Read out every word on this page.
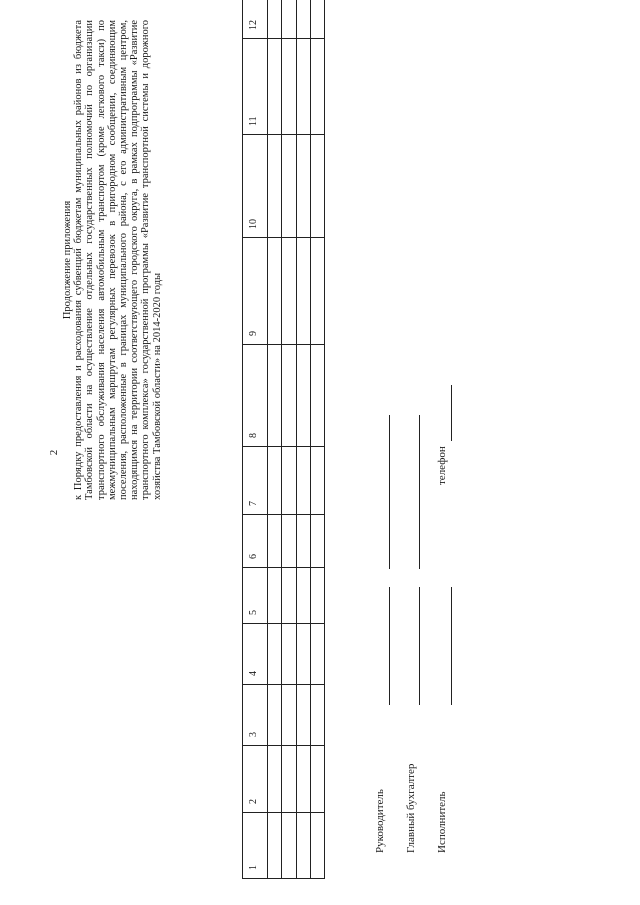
2
Продолжение приложения к Порядку предоставления и расходования субвенций бюджетам муниципальных районов из бюджета Тамбовской области на осуществление отдельных государственных полномочий по организации транспортного обслуживания населения автомобильным транспортом (кроме легкового такси) по межмуниципальным маршрутам регулярных перевозок в пригородном сообщении, соединяющим поселения, расположенные в границах муниципального района, с его административным центром, находящимся на территории соответствующего городского округа, в рамках подпрограммы «Развитие транспортного комплекса» государственной программы «Развитие транспортной системы и дорожного хозяйства Тамбовской области» на 2014-2020 годы
1	2	3	4	5	6	7	8	9	10	11	12

Руководитель Главный бухгалтер Исполнитель
телефон
